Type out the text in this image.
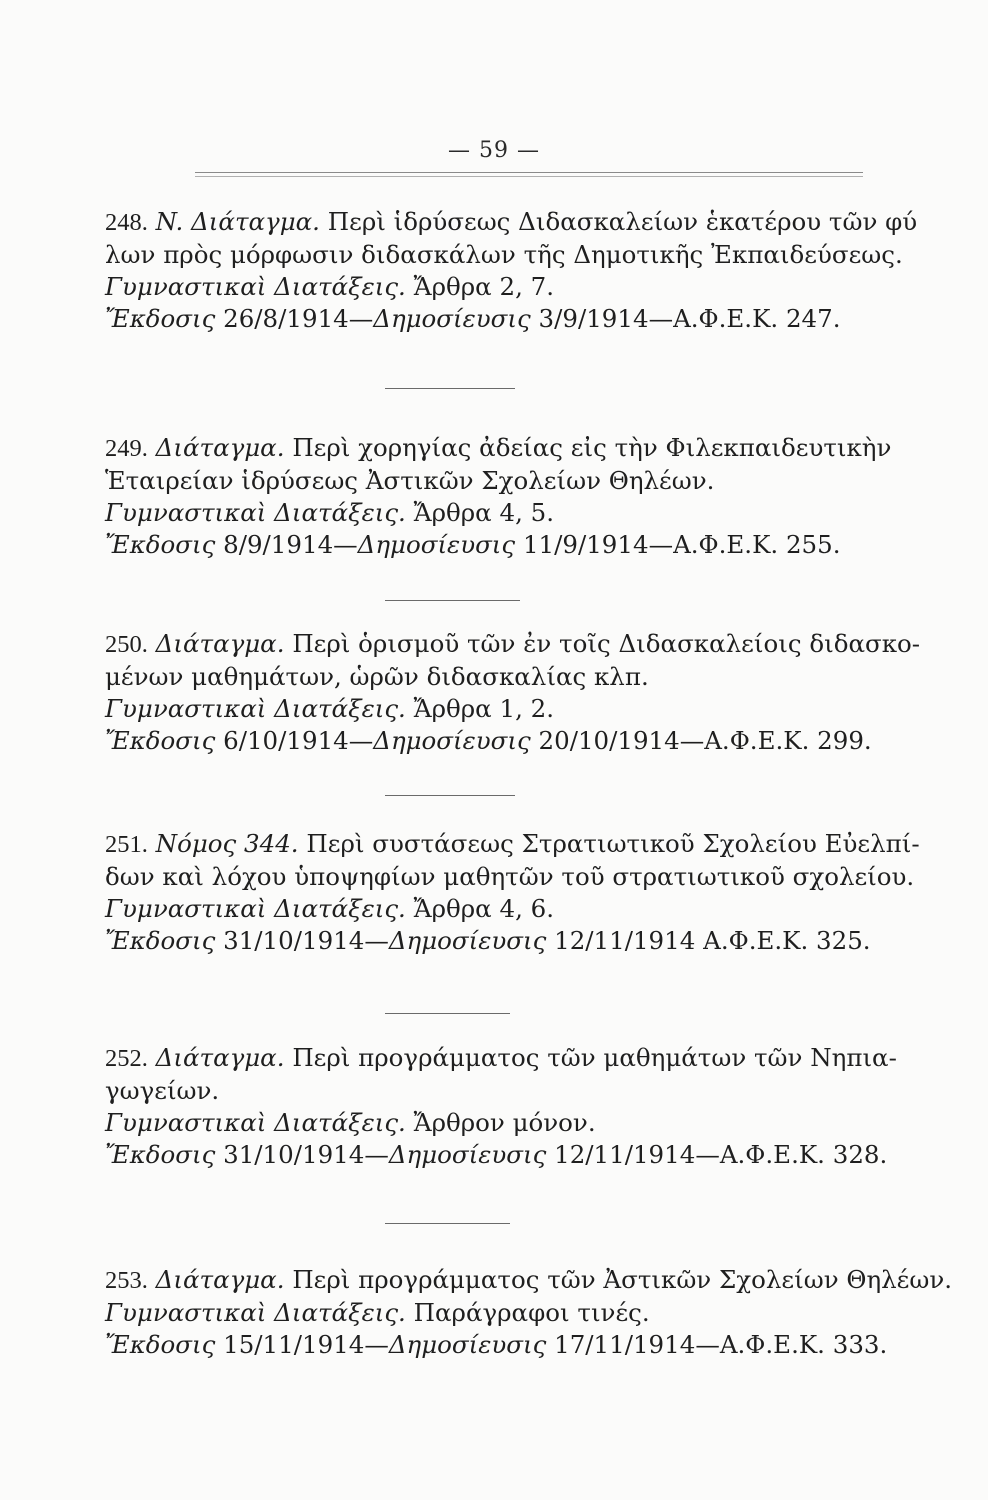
— 59 —
248. N. Διάταγμα. Περὶ ἱδρύσεως Διδασκαλείων ἑκατέρου τῶν φύ
λων πρὸς μόρφωσιν διδασκάλων τῆς Δημοτικῆς Ἐκπαιδεύσεως.
Γυμναστικαὶ Διατάξεις. Ἄρθρα 2, 7.
Ἔκδοσις 26/8/1914—Δημοσίευσις 3/9/1914—Α.Φ.Ε.Κ. 247.
249. Διάταγμα. Περὶ χορηγίας ἀδείας εἰς τὴν Φιλεκπαιδευτικὴν
Ἑταιρείαν ἱδρύσεως Ἀστικῶν Σχολείων Θηλέων.
Γυμναστικαὶ Διατάξεις. Ἄρθρα 4, 5.
Ἔκδοσις 8/9/1914—Δημοσίευσις 11/9/1914—Α.Φ.Ε.Κ. 255.
250. Διάταγμα. Περὶ ὁρισμοῦ τῶν ἐν τοῖς Διδασκαλείοις διδασκο-
μένων μαθημάτων, ὡρῶν διδασκαλίας κλπ.
Γυμναστικαὶ Διατάξεις. Ἄρθρα 1, 2.
Ἔκδοσις 6/10/1914—Δημοσίευσις 20/10/1914—Α.Φ.Ε.Κ. 299.
251. Νόμος 344. Περὶ συστάσεως Στρατιωτικοῦ Σχολείου Εὐελπί-
δων καὶ λόχου ὑποψηφίων μαθητῶν τοῦ στρατιωτικοῦ σχολείου.
Γυμναστικαὶ Διατάξεις. Ἄρθρα 4, 6.
Ἔκδοσις 31/10/1914—Δημοσίευσις 12/11/1914 Α.Φ.Ε.Κ. 325.
252. Διάταγμα. Περὶ προγράμματος τῶν μαθημάτων τῶν Νηπια-
γωγείων.
Γυμναστικαὶ Διατάξεις. Ἄρθρον μόνον.
Ἔκδοσις 31/10/1914—Δημοσίευσις 12/11/1914—Α.Φ.Ε.Κ. 328.
253. Διάταγμα. Περὶ προγράμματος τῶν Ἀστικῶν Σχολείων Θηλέων.
Γυμναστικαὶ Διατάξεις. Παράγραφοι τινές.
Ἔκδοσις 15/11/1914—Δημοσίευσις 17/11/1914—Α.Φ.Ε.Κ. 333.
